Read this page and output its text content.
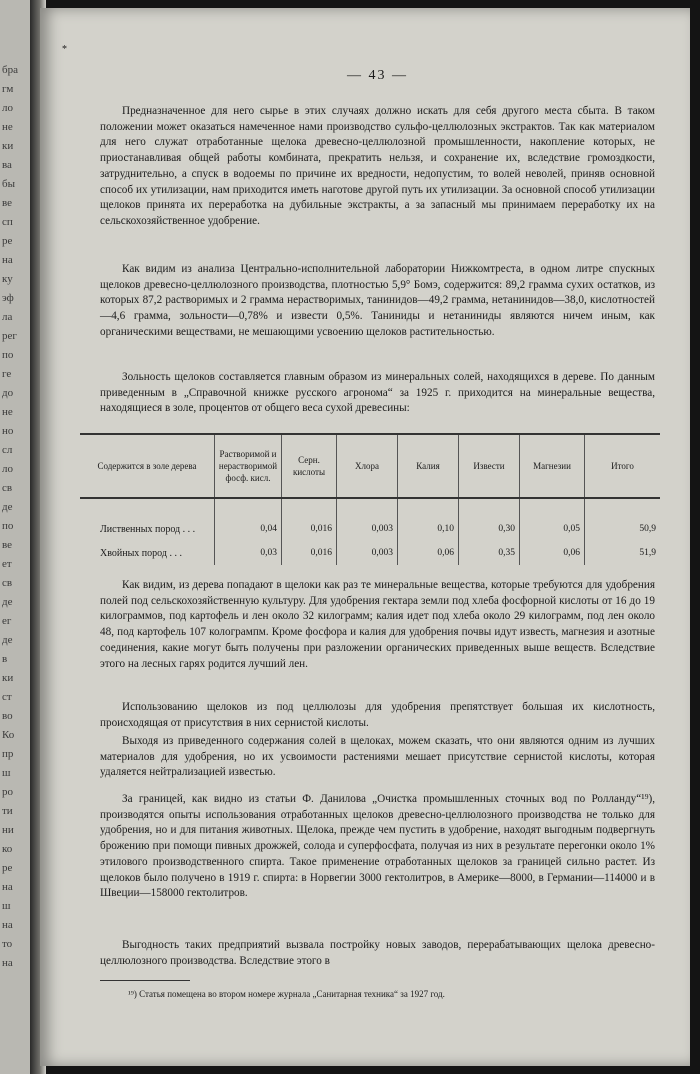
бра
гм
ло
не
ки
ва
бы
ве
сп
ре
на
ку
эф
ла
рег
по
ге
до
не
но
сл
ло
св
де
по
ве
ет
св
де
ег
де
в
ки
ст
во
Ко
пр
ш
ро
ти
ни
ко
ре
на
ш
на
то
на
*
— 43 —

Предназначенное для него сырье в этих случаях должно искать для себя другого места сбыта. В таком положении может оказаться намеченное нами производство сульфо-целлюлозных экстрактов. Так как материалом для него служат отработанные щелока древесно-целлюлозной промышленности, накопление которых, не приостанавливая общей работы комбината, прекратить нельзя, и сохранение их, вследствие громоздкости, затруднительно, а спуск в водоемы по причине их вредности, недопустим, то волей неволей, приняв основной способ их утилизации, нам приходится иметь наготове другой путь их утилизации. За основной способ утилизации щелоков принята их переработка на дубильные экстракты, а за запасный мы принимаем переработку их на сельскохозяйственное удобрение.

Как видим из анализа Центрально-исполнительной лаборатории Нижкомтреста, в одном литре спускных щелоков древесно-целлюлозного производства, плотностью 5,9° Бомэ, содержится: 89,2 грамма сухих остатков, из которых 87,2 растворимых и 2 грамма нерастворимых, танинидов—49,2 грамма, нетанинидов—38,0, кислотностей—4,6 грамма, зольности—0,78% и извести 0,5%. Таниниды и нетаниниды являются ничем иным, как органическими веществами, не мешающими усвоению щелоков растительностью.

Зольность щелоков составляется главным образом из минеральных солей, находящихся в дереве. По данным приведенным в „Справочной книжке русского агронома“ за 1925 г. приходится на минеральные вещества, находящиеся в золе, процентов от общего веса сухой древесины:

Содержится в золе дерева	Растворимой и нерастворимой фосф. кисл.	Серн. кислоты	Хлора	Калия	Извести	Магнезии	Итого

Лиственных пород . . .	0,04	0,016	0,003	0,10	0,30	0,05	50,9
Хвойных пород . . .	0,03	0,016	0,003	0,06	0,35	0,06	51,9

Как видим, из дерева попадают в щелоки как раз те минеральные вещества, которые требуются для удобрения полей под сельскохозяйственную культуру. Для удобрения гектара земли под хлеба фосфорной кислоты от 16 до 19 килограммов, под картофель и лен около 32 килограмм; калия идет под хлеба около 29 килограмм, под лен около 48, под картофель 107 кологрампм. Кроме фосфора и калия для удобрения почвы идут известь, магнезия и азотные соединения, какие могут быть получены при разложении органических приведенных выше веществ. Вследствие этого на лесных гарях родится лучший лен.

Использованию щелоков из под целлюлозы для удобрения препятствует большая их кислотность, происходящая от присутствия в них сернистой кислоты.

Выходя из приведенного содержания солей в щелоках, можем сказать, что они являются одним из лучших материалов для удобрения, но их усвоимости растениями мешает присутствие сернистой кислоты, которая удаляется нейтрализацией известью.

За границей, как видно из статьи Ф. Данилова „Очистка промышленных сточных вод по Ролланду“¹⁹), производятся опыты использования отработанных щелоков древесно-целлюлозного производства не только для удобрения, но и для питания животных. Щелока, прежде чем пустить в удобрение, находят выгодным подвергнуть брожению при помощи пивных дрожжей, солода и суперфосфата, получая из них в результате перегонки около 1% этилового производственного спирта. Такое применение отработанных щелоков за границей сильно растет. Из щелоков было получено в 1919 г. спирта: в Норвегии 3000 гектолитров, в Америке—8000, в Германии—114000 и в Швеции—158000 гектолитров.

Выгодность таких предприятий вызвала постройку новых заводов, перерабатывающих щелока древесно-целлюлозного производства. Вследствие этого в

¹⁹) Статья помещена во втором номере журнала „Санитарная техника“ за 1927 год.
